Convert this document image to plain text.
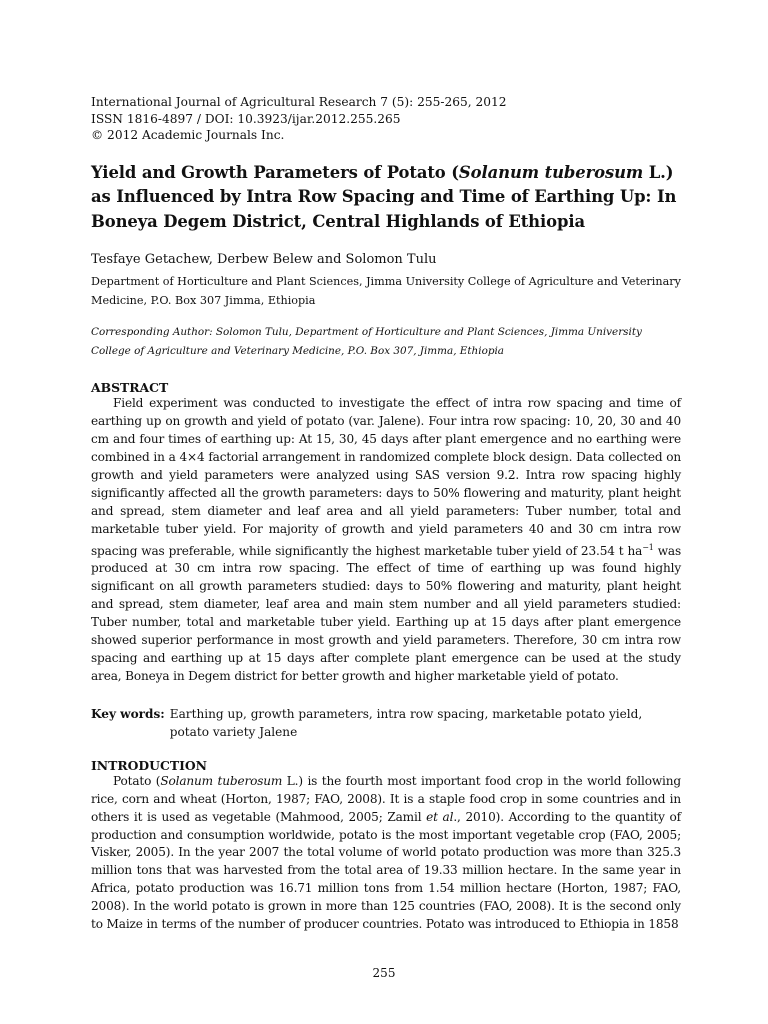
International Journal of Agricultural Research 7 (5): 255-265, 2012
ISSN 1816-4897 / DOI: 10.3923/ijar.2012.255.265
© 2012 Academic Journals Inc.
Yield and Growth Parameters of Potato (Solanum tuberosum L.) as Influenced by Intra Row Spacing and Time of Earthing Up: In Boneya Degem District, Central Highlands of Ethiopia
Tesfaye Getachew, Derbew Belew and Solomon Tulu
Department of Horticulture and Plant Sciences, Jimma University College of Agriculture and Veterinary Medicine, P.O. Box 307 Jimma, Ethiopia
Corresponding Author: Solomon Tulu, Department of Horticulture and Plant Sciences, Jimma University College of Agriculture and Veterinary Medicine, P.O. Box 307, Jimma, Ethiopia
ABSTRACT

Field experiment was conducted to investigate the effect of intra row spacing and time of earthing up on growth and yield of potato (var. Jalene). Four intra row spacing: 10, 20, 30 and 40 cm and four times of earthing up: At 15, 30, 45 days after plant emergence and no earthing were combined in a 4×4 factorial arrangement in randomized complete block design. Data collected on growth and yield parameters were analyzed using SAS version 9.2. Intra row spacing highly significantly affected all the growth parameters: days to 50% flowering and maturity, plant height and spread, stem diameter and leaf area and all yield parameters: Tuber number, total and marketable tuber yield. For majority of growth and yield parameters 40 and 30 cm intra row spacing was preferable, while significantly the highest marketable tuber yield of 23.54 t $ha^{-1}$ was produced at 30 cm intra row spacing. The effect of time of earthing up was found highly significant on all growth parameters studied: days to 50% flowering and maturity, plant height and spread, stem diameter, leaf area and main stem number and all yield parameters studied: Tuber number, total and marketable tuber yield. Earthing up at 15 days after plant emergence showed superior performance in most growth and yield parameters. Therefore, 30 cm intra row spacing and earthing up at 15 days after complete plant emergence can be used at the study area, Boneya in Degem district for better growth and higher marketable yield of potato.

Key words: Earthing up, growth parameters, intra row spacing, marketable potato yield, potato variety Jalene
INTRODUCTION

Potato (Solanum tuberosum L.) is the fourth most important food crop in the world following rice, corn and wheat (Horton, 1987; FAO, 2008). It is a staple food crop in some countries and in others it is used as vegetable (Mahmood, 2005; Zamil et al., 2010). According to the quantity of production and consumption worldwide, potato is the most important vegetable crop (FAO, 2005; Visker, 2005). In the year 2007 the total volume of world potato production was more than 325.3 million tons that was harvested from the total area of 19.33 million hectare. In the same year in Africa, potato production was 16.71 million tons from 1.54 million hectare (Horton, 1987; FAO, 2008). In the world potato is grown in more than 125 countries (FAO, 2008). It is the second only to Maize in terms of the number of producer countries. Potato was introduced to Ethiopia in 1858

255
